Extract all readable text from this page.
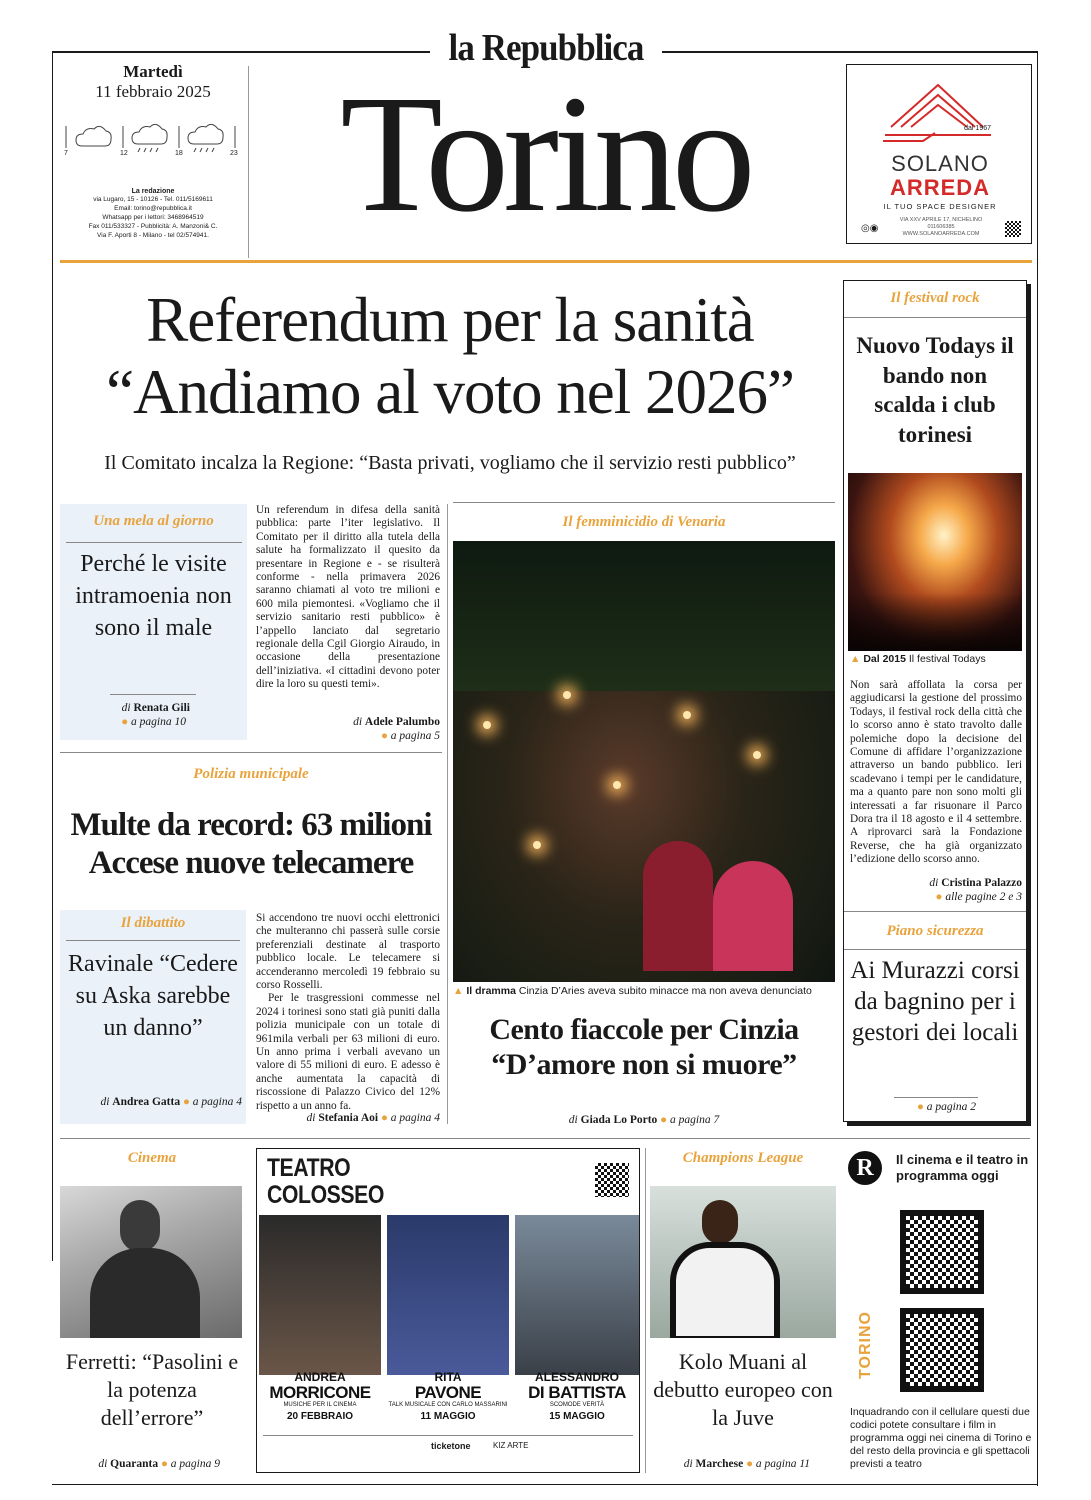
la Repubblica
Martedì
11 febbraio 2025
7	12	18	23
La redazione
via Lugaro, 15 - 10126 - Tel. 011/5169611
Email: torino@repubblica.it
Whatsapp per i lettori: 3468964519
Fax 011/533327 - Pubblicità: A. Manzoni& C.
Via F. Aporti 8 - Milano - tel 02/574941. Torino	dal 1967
SOLANO
ARREDA
IL TUO SPACE DESIGNER
◎◉
VIA XXV APRILE 17, NICHELINO
011606385
WWW.SOLANOARREDA.COM
Referendum per la sanità
“Andiamo al voto nel 2026”
Il Comitato incalza la Regione: “Basta privati, vogliamo che il servizio resti pubblico”
Una mela al giorno
Perché le visite intramoenia non sono il male
di Renata Gili
● a pagina 10
Un referendum in difesa della sanità pubblica: parte l’iter legislativo. Il Comitato per il diritto alla tutela della salute ha formalizzato il quesito da presentare in Regione e - se risulterà conforme - nella primavera 2026 saranno chiamati al voto tre milioni e 600 mila piemontesi. «Vogliamo che il servizio sanitario resti pubblico» è l’appello lanciato dal segretario regionale della Cgil Giorgio Airaudo, in occasione della presentazione dell’iniziativa. «I cittadini devono poter dire la loro su questi temi».
di Adele Palumbo
● a pagina 5
Polizia municipale
Multe da record: 63 milioni
Accese nuove telecamere
Il dibattito
Ravinale “Cedere su Aska sarebbe un danno”
di Andrea Gatta ● a pagina 4
Si accendono tre nuovi occhi elettronici che multeranno chi passerà sulle corsie preferenziali destinate al trasporto pubblico locale. Le telecamere si accenderanno mercoledì 19 febbraio su corso Rosselli.
Per le trasgressioni commesse nel 2024 i torinesi sono stati già puniti dalla polizia municipale con un totale di 961mila verbali per 63 milioni di euro. Un anno prima i verbali avevano un valore di 55 milioni di euro. E adesso è anche aumentata la capacità di riscossione di Palazzo Civico del 12% rispetto a un anno fa.
di Stefania Aoi ● a pagina 4
Il femminicidio di Venaria
▲ Il dramma Cinzia D’Aries aveva subito minacce ma non aveva denunciato
Cento fiaccole per Cinzia
“D’amore non si muore”
di Giada Lo Porto ● a pagina 7
Il festival rock
Nuovo Todays il bando non scalda i club torinesi
▲ Dal 2015 Il festival Todays
Non sarà affollata la corsa per aggiudicarsi la gestione del prossimo Todays, il festival rock della città che lo scorso anno è stato travolto dalle polemiche dopo la decisione del Comune di affidare l’organizzazione attraverso un bando pubblico. Ieri scadevano i tempi per le candidature, ma a quanto pare non sono molti gli interessati a far risuonare il Parco Dora tra il 18 agosto e il 4 settembre. A riprovarci sarà la Fondazione Reverse, che ha già organizzato l’edizione dello scorso anno.
di Cristina Palazzo
● alle pagine 2 e 3
Piano sicurezza
Ai Murazzi corsi da bagnino per i gestori dei locali
● a pagina 2
Cinema
Ferretti: “Pasolini e la potenza dell’errore”
di Quaranta ● a pagina 9
TEATRO
COLOSSEO
ANDREA
MORRICONE
MUSICHE PER IL CINEMA
20 FEBBRAIO
RITA
PAVONE
TALK MUSICALE CON CARLO MASSARINI
11 MAGGIO
ALESSANDRO
DI BATTISTA
SCOMODE VERITÀ
15 MAGGIO
ticketone	KIZ ARTE
Champions League
Kolo Muani al debutto europeo con la Juve
di Marchese ● a pagina 11
R	Il cinema e il teatro in programma oggi
TORINO
Inquadrando con il cellulare questi due codici potete consultare i film in programma oggi nei cinema di Torino e del resto della provincia e gli spettacoli previsti a teatro
